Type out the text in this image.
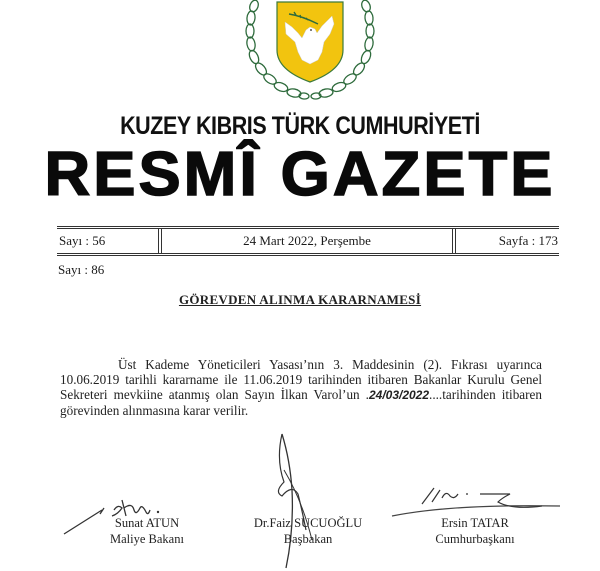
KUZEY KIBRIS TÜRK CUMHURİYETİ
RESMÎ GAZETE
Sayı : 56	24 Mart 2022, Perşembe	Sayfa : 173
Sayı : 86
GÖREVDEN ALINMA KARARNAMESİ

Üst Kademe Yöneticileri Yasası’nın 3. Maddesinin (2). Fıkrası uyarınca 10.06.2019 tarihli kararname ile 11.06.2019 tarihinden itibaren Bakanlar Kurulu Genel Sekreteri mevkiine atanmış olan Sayın İlkan Varol’un .24/03/2022....tarihinden itibaren görevinden alınmasına karar verilir.

Sunat ATUN
Maliye Bakanı
Dr.Faiz SUCUOĞLU
Başbakan
Ersin TATAR
Cumhurbaşkanı
